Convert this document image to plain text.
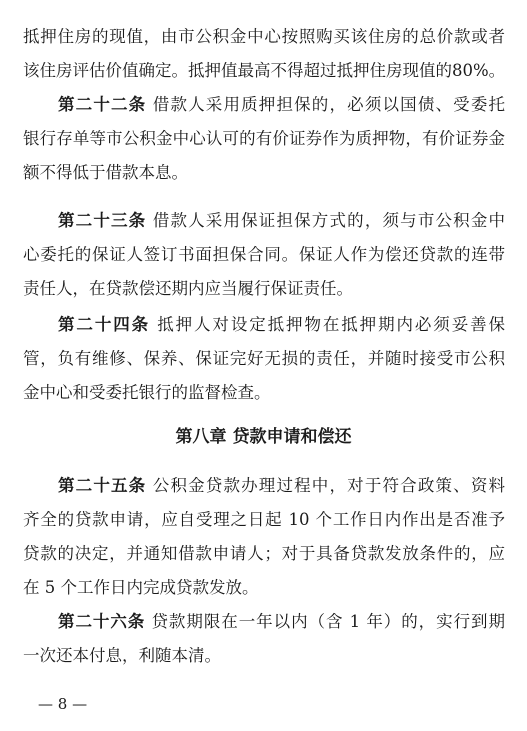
抵押住房的现值，由市公积金中心按照购买该住房的总价款或者
该住房评估价值确定。抵押值最高不得超过抵押住房现值的80%。
第二十二条 借款人采用质押担保的，必须以国债、受委托
银行存单等市公积金中心认可的有价证券作为质押物，有价证券金
额不得低于借款本息。
第二十三条 借款人采用保证担保方式的，须与市公积金中
心委托的保证人签订书面担保合同。保证人作为偿还贷款的连带
责任人，在贷款偿还期内应当履行保证责任。
第二十四条 抵押人对设定抵押物在抵押期内必须妥善保
管，负有维修、保养、保证完好无损的责任，并随时接受市公积
金中心和受委托银行的监督检查。
第八章 贷款申请和偿还
第二十五条 公积金贷款办理过程中，对于符合政策、资料
齐全的贷款申请，应自受理之日起 10 个工作日内作出是否准予
贷款的决定，并通知借款申请人；对于具备贷款发放条件的，应
在 5 个工作日内完成贷款发放。
第二十六条 贷款期限在一年以内（含 1 年）的，实行到期
一次还本付息，利随本清。
— 8 —
